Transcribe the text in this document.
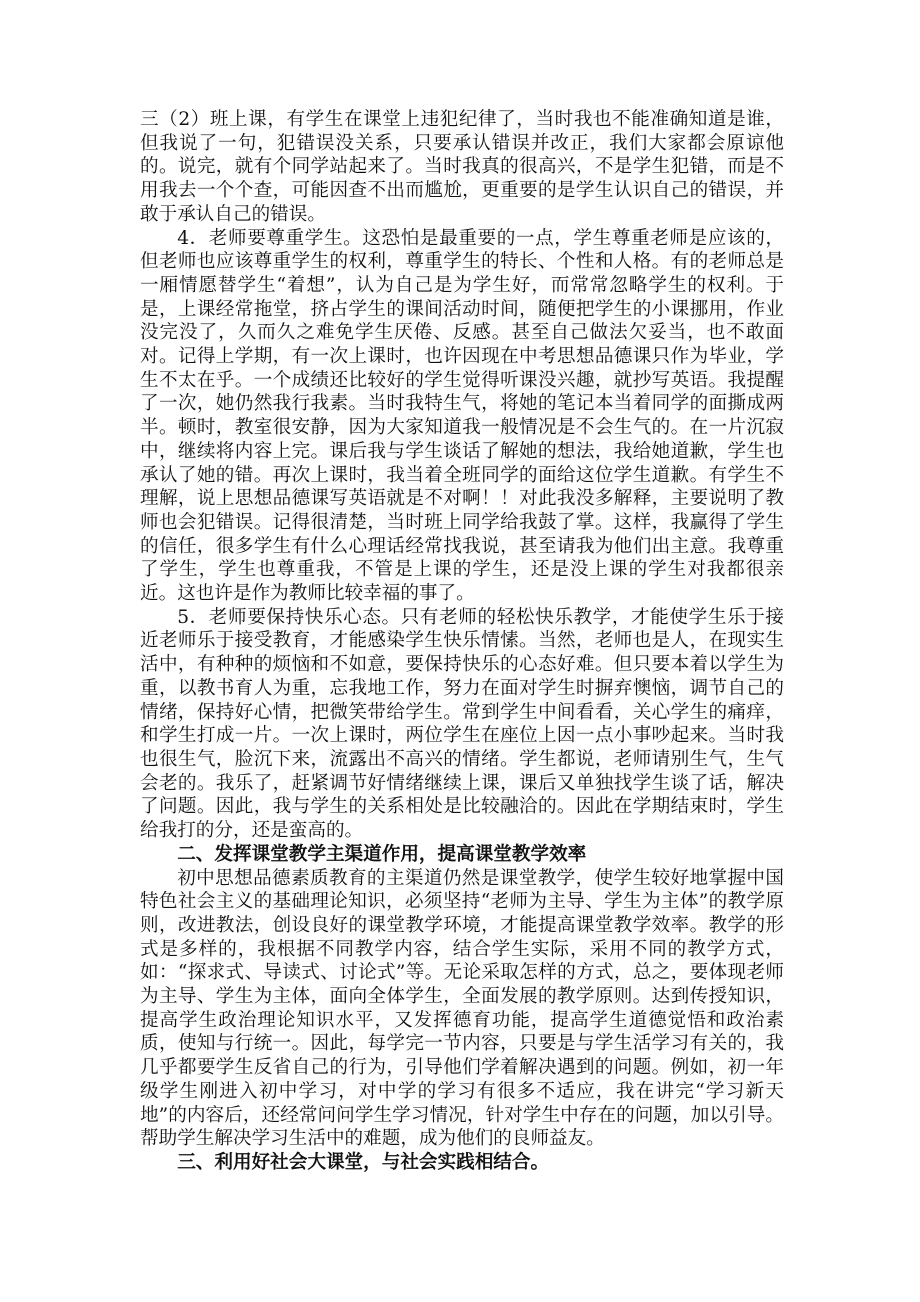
三（2）班上课，有学生在课堂上违犯纪律了，当时我也不能准确知道是谁，但我说了一句，犯错误没关系，只要承认错误并改正，我们大家都会原谅他的。说完，就有个同学站起来了。当时我真的很高兴，不是学生犯错，而是不用我去一个个查，可能因查不出而尴尬，更重要的是学生认识自己的错误，并敢于承认自己的错误。

4．老师要尊重学生。这恐怕是最重要的一点，学生尊重老师是应该的，但老师也应该尊重学生的权利，尊重学生的特长、个性和人格。有的老师总是一厢情愿替学生“着想”，认为自己是为学生好，而常常忽略学生的权利。于是，上课经常拖堂，挤占学生的课间活动时间，随便把学生的小课挪用，作业没完没了，久而久之难免学生厌倦、反感。甚至自己做法欠妥当，也不敢面对。记得上学期，有一次上课时，也许因现在中考思想品德课只作为毕业，学生不太在乎。一个成绩还比较好的学生觉得听课没兴趣，就抄写英语。我提醒了一次，她仍然我行我素。当时我特生气，将她的笔记本当着同学的面撕成两半。顿时，教室很安静，因为大家知道我一般情况是不会生气的。在一片沉寂中，继续将内容上完。课后我与学生谈话了解她的想法，我给她道歉，学生也承认了她的错。再次上课时，我当着全班同学的面给这位学生道歉。有学生不理解，说上思想品德课写英语就是不对啊！！对此我没多解释，主要说明了教师也会犯错误。记得很清楚，当时班上同学给我鼓了掌。这样，我赢得了学生的信任，很多学生有什么心理话经常找我说，甚至请我为他们出主意。我尊重了学生，学生也尊重我，不管是上课的学生，还是没上课的学生对我都很亲近。这也许是作为教师比较幸福的事了。

5．老师要保持快乐心态。只有老师的轻松快乐教学，才能使学生乐于接近老师乐于接受教育，才能感染学生快乐情愫。当然，老师也是人，在现实生活中，有种种的烦恼和不如意，要保持快乐的心态好难。但只要本着以学生为重，以教书育人为重，忘我地工作，努力在面对学生时摒弃懊恼，调节自己的情绪，保持好心情，把微笑带给学生。常到学生中间看看，关心学生的痛痒，和学生打成一片。一次上课时，两位学生在座位上因一点小事吵起来。当时我也很生气，脸沉下来，流露出不高兴的情绪。学生都说，老师请别生气，生气会老的。我乐了，赶紧调节好情绪继续上课，课后又单独找学生谈了话，解决了问题。因此，我与学生的关系相处是比较融洽的。因此在学期结束时，学生给我打的分，还是蛮高的。

二、发挥课堂教学主渠道作用，提高课堂教学效率

初中思想品德素质教育的主渠道仍然是课堂教学，使学生较好地掌握中国特色社会主义的基础理论知识，必须坚持“老师为主导、学生为主体”的教学原则，改进教法，创设良好的课堂教学环境，才能提高课堂教学效率。教学的形式是多样的，我根据不同教学内容，结合学生实际，采用不同的教学方式，如：“探求式、导读式、讨论式”等。无论采取怎样的方式，总之，要体现老师为主导、学生为主体，面向全体学生，全面发展的教学原则。达到传授知识，提高学生政治理论知识水平，又发挥德育功能，提高学生道德觉悟和政治素质，使知与行统一。因此，每学完一节内容，只要是与学生活学习有关的，我几乎都要学生反省自己的行为，引导他们学着解决遇到的问题。例如，初一年级学生刚进入初中学习，对中学的学习有很多不适应，我在讲完“学习新天地”的内容后，还经常问问学生学习情况，针对学生中存在的问题，加以引导。帮助学生解决学习生活中的难题，成为他们的良师益友。

三、利用好社会大课堂，与社会实践相结合。
